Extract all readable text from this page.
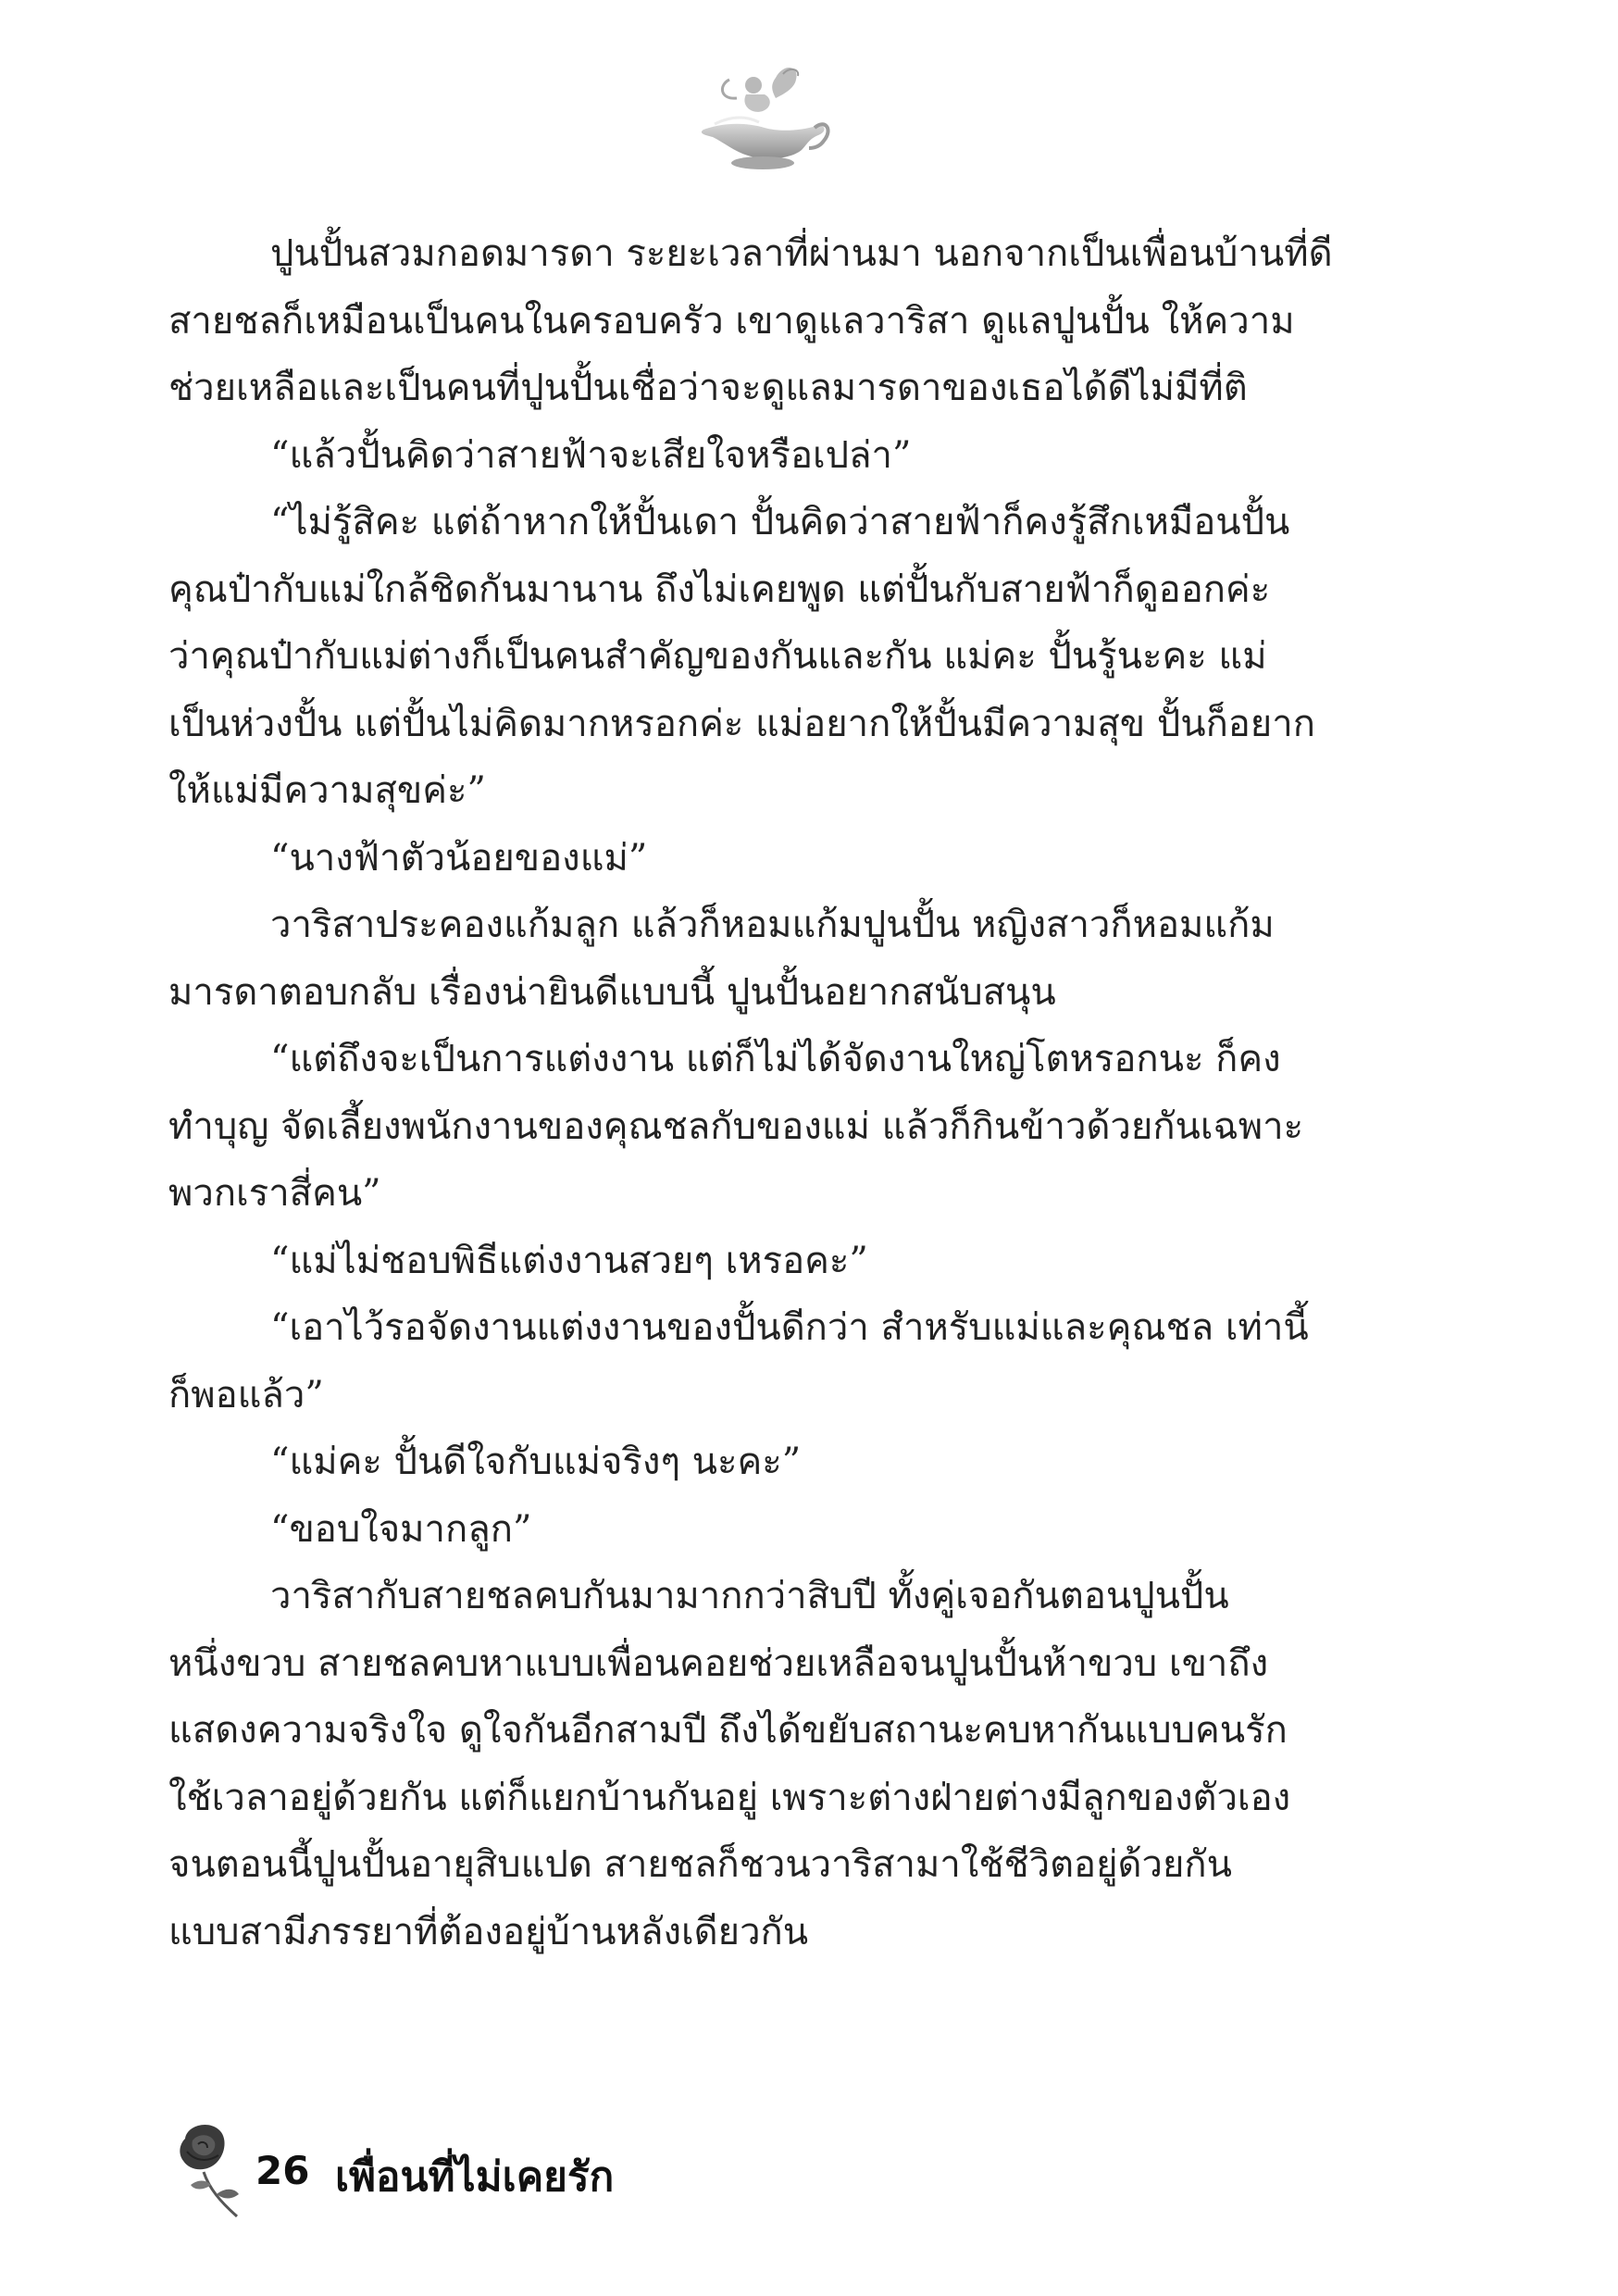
ปูนปั้นสวมกอดมารดา ระยะเวลาที่ผ่านมา นอกจากเป็นเพื่อนบ้านที่ดี
สายชลก็เหมือนเป็นคนในครอบครัว เขาดูแลวาริสา ดูแลปูนปั้น ให้ความ
ช่วยเหลือและเป็นคนที่ปูนปั้นเชื่อว่าจะดูแลมารดาของเธอได้ดีไม่มีที่ติ
“แล้วปั้นคิดว่าสายฟ้าจะเสียใจหรือเปล่า”
“ไม่รู้สิคะ แต่ถ้าหากให้ปั้นเดา ปั้นคิดว่าสายฟ้าก็คงรู้สึกเหมือนปั้น
คุณป๋ากับแม่ใกล้ชิดกันมานาน ถึงไม่เคยพูด แต่ปั้นกับสายฟ้าก็ดูออกค่ะ
ว่าคุณป๋ากับแม่ต่างก็เป็นคนสำคัญของกันและกัน แม่คะ ปั้นรู้นะคะ แม่
เป็นห่วงปั้น แต่ปั้นไม่คิดมากหรอกค่ะ แม่อยากให้ปั้นมีความสุข ปั้นก็อยาก
ให้แม่มีความสุขค่ะ”
“นางฟ้าตัวน้อยของแม่”
วาริสาประคองแก้มลูก แล้วก็หอมแก้มปูนปั้น หญิงสาวก็หอมแก้ม
มารดาตอบกลับ เรื่องน่ายินดีแบบนี้ ปูนปั้นอยากสนับสนุน
“แต่ถึงจะเป็นการแต่งงาน แต่ก็ไม่ได้จัดงานใหญ่โตหรอกนะ ก็คง
ทำบุญ จัดเลี้ยงพนักงานของคุณชลกับของแม่ แล้วก็กินข้าวด้วยกันเฉพาะ
พวกเราสี่คน”
“แม่ไม่ชอบพิธีแต่งงานสวยๆ เหรอคะ”
“เอาไว้รอจัดงานแต่งงานของปั้นดีกว่า สำหรับแม่และคุณชล เท่านี้
ก็พอแล้ว”
“แม่คะ ปั้นดีใจกับแม่จริงๆ นะคะ”
“ขอบใจมากลูก”
วาริสากับสายชลคบกันมามากกว่าสิบปี ทั้งคู่เจอกันตอนปูนปั้น
หนึ่งขวบ สายชลคบหาแบบเพื่อนคอยช่วยเหลือจนปูนปั้นห้าขวบ เขาถึง
แสดงความจริงใจ ดูใจกันอีกสามปี ถึงได้ขยับสถานะคบหากันแบบคนรัก
ใช้เวลาอยู่ด้วยกัน แต่ก็แยกบ้านกันอยู่ เพราะต่างฝ่ายต่างมีลูกของตัวเอง
จนตอนนี้ปูนปั้นอายุสิบแปด สายชลก็ชวนวาริสามาใช้ชีวิตอยู่ด้วยกัน
แบบสามีภรรยาที่ต้องอยู่บ้านหลังเดียวกัน
26 เพื่อนที่ไม่เคยรัก
